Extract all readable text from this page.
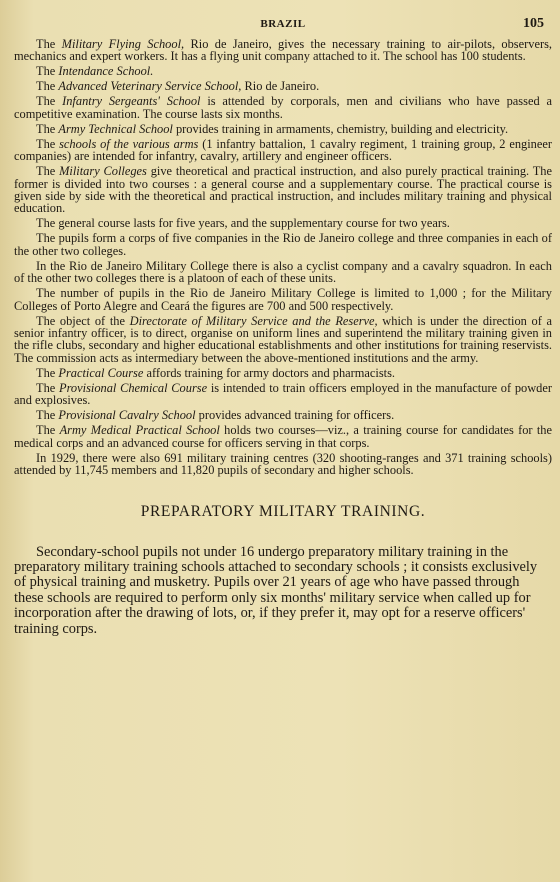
BRAZIL	105

The Military Flying School, Rio de Janeiro, gives the necessary training to air-pilots, observers, mechanics and expert workers. It has a flying unit company attached to it. The school has 100 students.

The Intendance School.

The Advanced Veterinary Service School, Rio de Janeiro.

The Infantry Sergeants' School is attended by corporals, men and civilians who have passed a competitive examination. The course lasts six months.

The Army Technical School provides training in armaments, chemistry, building and electricity.

The schools of the various arms (1 infantry battalion, 1 cavalry regiment, 1 training group, 2 engineer companies) are intended for infantry, cavalry, artillery and engineer officers.

The Military Colleges give theoretical and practical instruction, and also purely practical training. The former is divided into two courses : a general course and a supplementary course. The practical course is given side by side with the theoretical and practical instruction, and includes military training and physical education.

The general course lasts for five years, and the supplementary course for two years.

The pupils form a corps of five companies in the Rio de Janeiro college and three companies in each of the other two colleges.

In the Rio de Janeiro Military College there is also a cyclist company and a cavalry squadron. In each of the other two colleges there is a platoon of each of these units.

The number of pupils in the Rio de Janeiro Military College is limited to 1,000 ; for the Military Colleges of Porto Alegre and Ceará the figures are 700 and 500 respectively.

The object of the Directorate of Military Service and the Reserve, which is under the direction of a senior infantry officer, is to direct, organise on uniform lines and superintend the military training given in the rifle clubs, secondary and higher educational establishments and other institutions for training reservists. The commission acts as intermediary between the above-mentioned institutions and the army.

The Practical Course affords training for army doctors and pharmacists.

The Provisional Chemical Course is intended to train officers employed in the manufacture of powder and explosives.

The Provisional Cavalry School provides advanced training for officers.

The Army Medical Practical School holds two courses—viz., a training course for candidates for the medical corps and an advanced course for officers serving in that corps.

In 1929, there were also 691 military training centres (320 shooting-ranges and 371 training schools) attended by 11,745 members and 11,820 pupils of secondary and higher schools.

PREPARATORY MILITARY TRAINING.

Secondary-school pupils not under 16 undergo preparatory military training in the preparatory military training schools attached to secondary schools ; it consists exclusively of physical training and musketry. Pupils over 21 years of age who have passed through these schools are required to perform only six months' military service when called up for incorporation after the drawing of lots, or, if they prefer it, may opt for a reserve officers' training corps.
